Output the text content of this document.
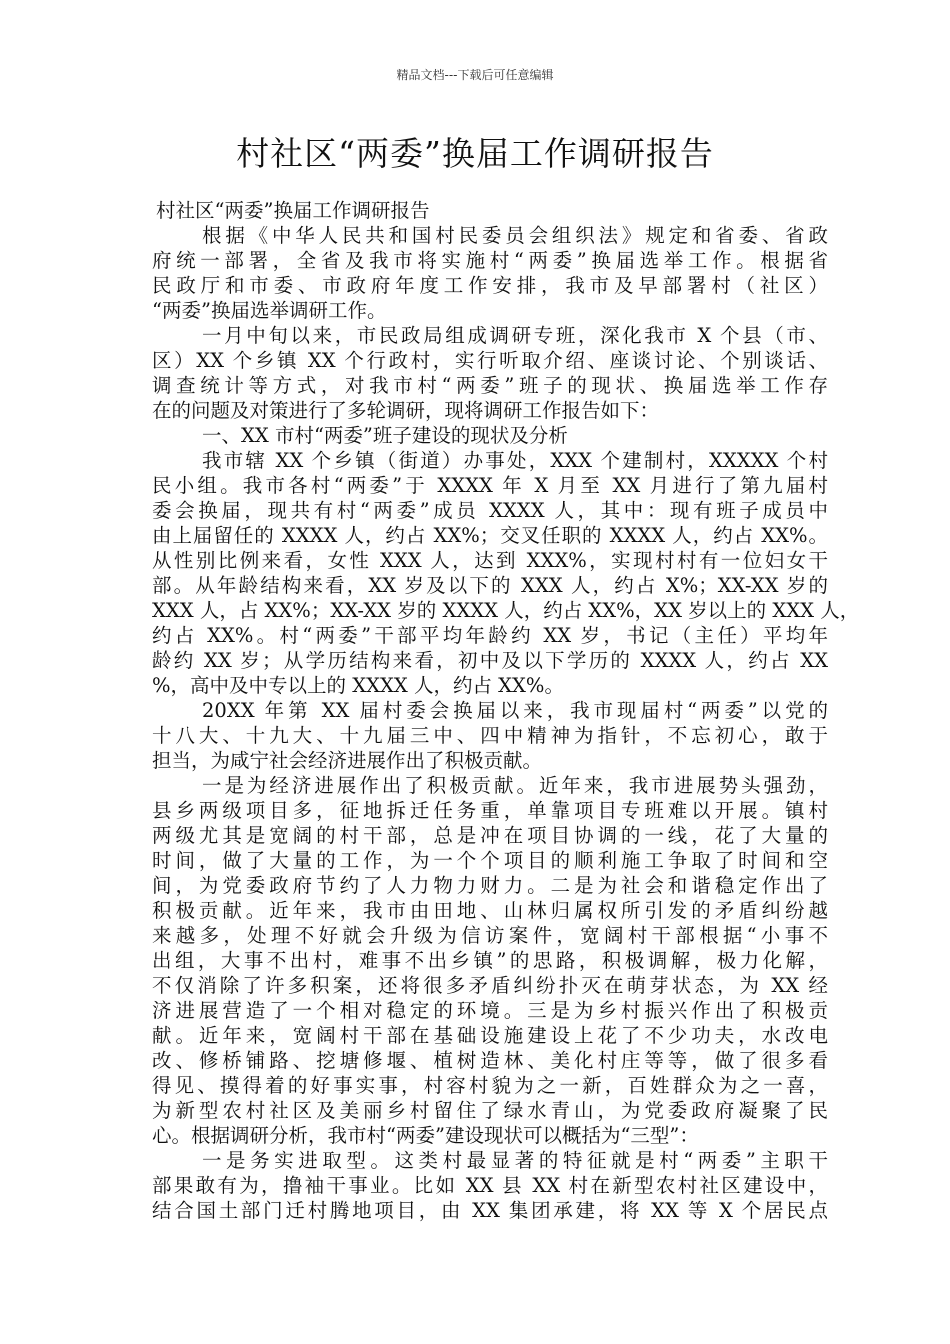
精品文档---下载后可任意编辑
村社区“两委”换届工作调研报告
村社区“两委”换届工作调研报告
根据《中华人民共和国村民委员会组织法》规定和省委、省政
府统一部署，全省及我市将实施村“两委”换届选举工作。根据省
民政厅和市委、市政府年度工作安排，我市及早部署村（社区）
“两委”换届选举调研工作。
一月中旬以来，市民政局组成调研专班，深化我市 X 个县（市、
区）XX 个乡镇 XX 个行政村，实行听取介绍、座谈讨论、个别谈话、
调查统计等方式，对我市村“两委”班子的现状、换届选举工作存
在的问题及对策进行了多轮调研，现将调研工作报告如下：
一、XX 市村“两委”班子建设的现状及分析
我市辖 XX 个乡镇（街道）办事处，XXX 个建制村，XXXXX 个村
民小组。我市各村“两委”于 XXXX 年 X 月至 XX 月进行了第九届村
委会换届，现共有村“两委”成员 XXXX 人，其中：现有班子成员中
由上届留任的 XXXX 人，约占 XX%；交叉任职的 XXXX 人，约占 XX%。
从性别比例来看，女性 XXX 人，达到 XXX%，实现村村有一位妇女干
部。从年龄结构来看，XX 岁及以下的 XXX 人，约占 X%；XX-XX 岁的
XXX 人，占 XX%；XX-XX 岁的 XXXX 人，约占 XX%，XX 岁以上的 XXX 人，
约占 XX%。村“两委”干部平均年龄约 XX 岁，书记（主任）平均年
龄约 XX 岁；从学历结构来看，初中及以下学历的 XXXX 人，约占 XX
%，高中及中专以上的 XXXX 人，约占 XX%。
20XX 年第 XX 届村委会换届以来，我市现届村“两委”以党的
十八大、十九大、十九届三中、四中精神为指针，不忘初心，敢于
担当，为咸宁社会经济进展作出了积极贡献。
一是为经济进展作出了积极贡献。近年来，我市进展势头强劲，
县乡两级项目多，征地拆迁任务重，单靠项目专班难以开展。镇村
两级尤其是宽阔的村干部，总是冲在项目协调的一线，花了大量的
时间，做了大量的工作，为一个个项目的顺利施工争取了时间和空
间，为党委政府节约了人力物力财力。二是为社会和谐稳定作出了
积极贡献。近年来，我市由田地、山林归属权所引发的矛盾纠纷越
来越多，处理不好就会升级为信访案件，宽阔村干部根据“小事不
出组，大事不出村，难事不出乡镇”的思路，积极调解，极力化解，
不仅消除了许多积案，还将很多矛盾纠纷扑灭在萌芽状态，为 XX 经
济进展营造了一个相对稳定的环境。三是为乡村振兴作出了积极贡
献。近年来，宽阔村干部在基础设施建设上花了不少功夫，水改电
改、修桥铺路、挖塘修堰、植树造林、美化村庄等等，做了很多看
得见、摸得着的好事实事，村容村貌为之一新，百姓群众为之一喜，
为新型农村社区及美丽乡村留住了绿水青山，为党委政府凝聚了民
心。根据调研分析，我市村“两委”建设现状可以概括为“三型”：
一是务实进取型。这类村最显著的特征就是村“两委”主职干
部果敢有为，撸袖干事业。比如 XX 县 XX 村在新型农村社区建设中，
结合国土部门迁村腾地项目，由 XX 集团承建，将 XX 等 X 个居民点
